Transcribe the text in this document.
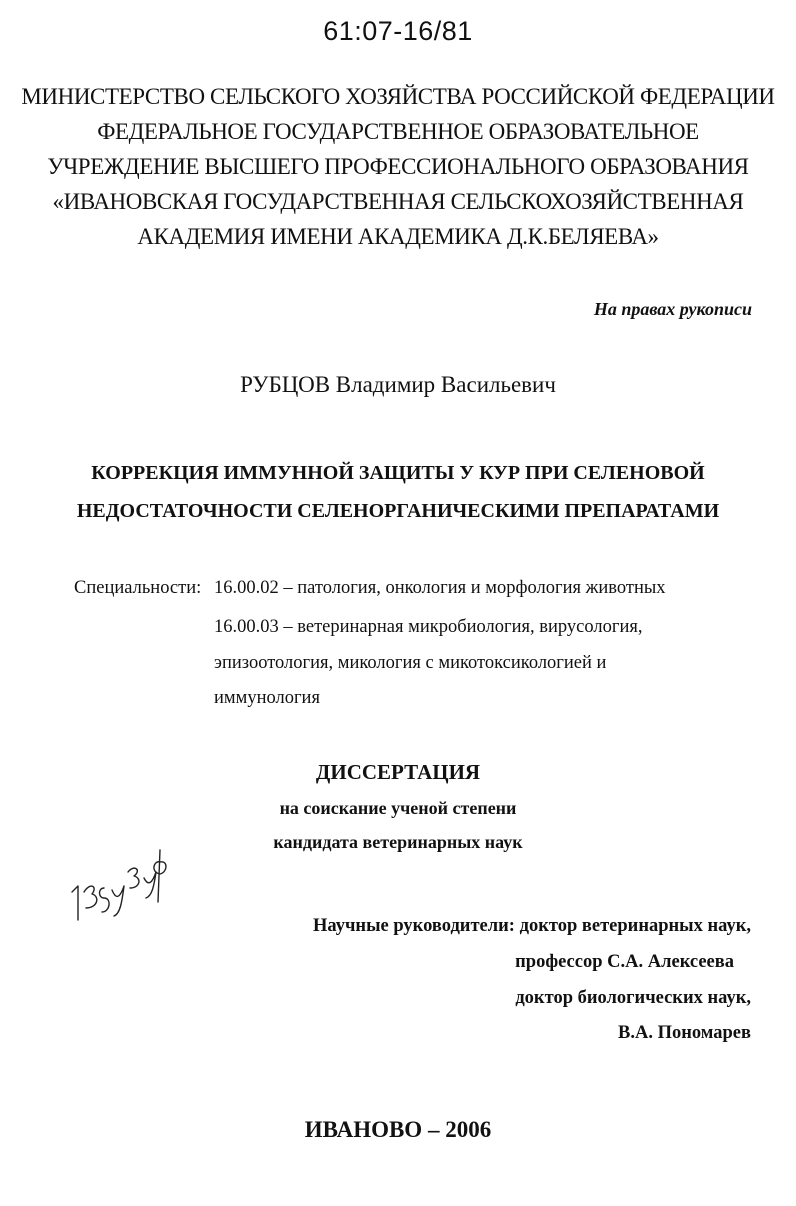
61:07-16/81
МИНИСТЕРСТВО СЕЛЬСКОГО ХОЗЯЙСТВА РОССИЙСКОЙ ФЕДЕРАЦИИ
ФЕДЕРАЛЬНОЕ ГОСУДАРСТВЕННОЕ ОБРАЗОВАТЕЛЬНОЕ
УЧРЕЖДЕНИЕ ВЫСШЕГО ПРОФЕССИОНАЛЬНОГО ОБРАЗОВАНИЯ
«ИВАНОВСКАЯ ГОСУДАРСТВЕННАЯ СЕЛЬСКОХОЗЯЙСТВЕННАЯ
АКАДЕМИЯ ИМЕНИ АКАДЕМИКА Д.К.БЕЛЯЕВА»
На правах рукописи
РУБЦОВ Владимир Васильевич
КОРРЕКЦИЯ ИММУННОЙ ЗАЩИТЫ У КУР ПРИ СЕЛЕНОВОЙ
НЕДОСТАТОЧНОСТИ СЕЛЕНОРГАНИЧЕСКИМИ ПРЕПАРАТАМИ
Специальности: 16.00.02 – патология, онкология и морфология животных
16.00.03 – ветеринарная микробиология, вирусология,
эпизоотология, микология с микотоксикологией и
иммунология
ДИССЕРТАЦИЯ
на соискание ученой степени
кандидата ветеринарных наук
Научные руководители: доктор ветеринарных наук,
профессор С.А. Алексеева
доктор биологических наук,
В.А. Пономарев
ИВАНОВО – 2006
